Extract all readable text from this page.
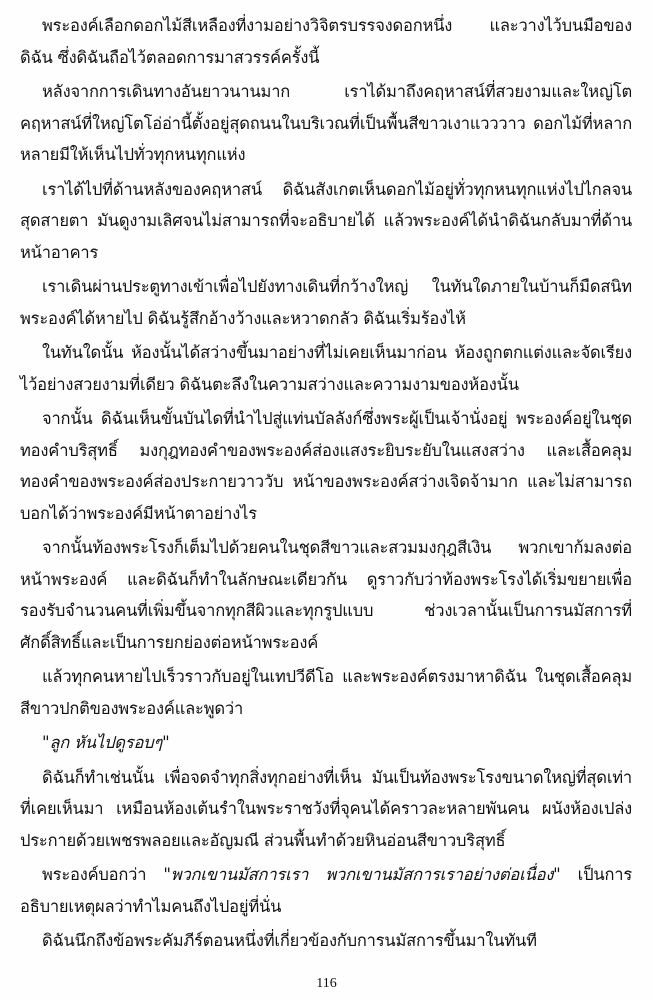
พระองค์เลือกดอกไม้สีเหลืองที่งามอย่างวิจิตรบรรจงดอกหนึ่ง และวางไว้บนมือของดิฉัน ซึ่งดิฉันถือไว้ตลอดการมาสวรรค์ครั้งนี้

หลังจากการเดินทางอันยาวนานมาก เราได้มาถึงคฤหาสน์ที่สวยงามและใหญ่โต คฤหาสน์ที่ใหญ่โตโอ่อ่านี้ตั้งอยู่สุดถนนในบริเวณที่เป็นพื้นสีขาวเงาแวววาว ดอกไม้ที่หลากหลายมีให้เห็นไปทั่วทุกหนทุกแห่ง

เราได้ไปที่ด้านหลังของคฤหาสน์ ดิฉันสังเกตเห็นดอกไม้อยู่ทั่วทุกหนทุกแห่งไปไกลจนสุดสายตา มันดูงามเลิศจนไม่สามารถที่จะอธิบายได้ แล้วพระองค์ได้นำดิฉันกลับมาที่ด้านหน้าอาคาร

เราเดินผ่านประตูทางเข้าเพื่อไปยังทางเดินที่กว้างใหญ่ ในทันใดภายในบ้านก็มืดสนิท พระองค์ได้หายไป ดิฉันรู้สึกอ้างว้างและหวาดกลัว ดิฉันเริ่มร้องไห้

ในทันใดนั้น ห้องนั้นได้สว่างขึ้นมาอย่างที่ไม่เคยเห็นมาก่อน ห้องถูกตกแต่งและจัดเรียงไว้อย่างสวยงามที่เดียว ดิฉันตะลึงในความสว่างและความงามของห้องนั้น

จากนั้น ดิฉันเห็นขั้นบันไดที่นำไปสู่แท่นบัลลังก์ซึ่งพระผู้เป็นเจ้านั่งอยู่ พระองค์อยู่ในชุดทองคำบริสุทธิ์ มงกุฎทองคำของพระองค์ส่องแสงระยิบระยับในแสงสว่าง และเสื้อคลุมทองคำของพระองค์ส่องประกายวาววับ หน้าของพระองค์สว่างเจิดจ้ามาก และไม่สามารถบอกได้ว่าพระองค์มีหน้าตาอย่างไร

จากนั้นท้องพระโรงก็เต็มไปด้วยคนในชุดสีขาวและสวมมงกุฎสีเงิน พวกเขาก้มลงต่อหน้าพระองค์ และดิฉันก็ทำในลักษณะเดียวกัน ดูราวกับว่าท้องพระโรงได้เริ่มขยายเพื่อรองรับจำนวนคนที่เพิ่มขึ้นจากทุกสีผิวและทุกรูปแบบ ช่วงเวลานั้นเป็นการนมัสการที่ศักดิ์สิทธิ์และเป็นการยกย่องต่อหน้าพระองค์

แล้วทุกคนหายไปเร็วราวกับอยู่ในเทปวีดีโอ และพระองค์ตรงมาหาดิฉัน ในชุดเสื้อคลุมสีขาวปกติของพระองค์และพูดว่า

"ลูก หันไปดูรอบๆ"

ดิฉันก็ทำเช่นนั้น เพื่อจดจำทุกสิ่งทุกอย่างที่เห็น มันเป็นท้องพระโรงขนาดใหญ่ที่สุดเท่าที่เคยเห็นมา เหมือนห้องเต้นรำในพระราชวังที่จุคนได้คราวละหลายพันคน ผนังห้องเปล่งประกายด้วยเพชรพลอยและอัญมณี ส่วนพื้นทำด้วยหินอ่อนสีขาวบริสุทธิ์

พระองค์บอกว่า "พวกเขานมัสการเรา พวกเขานมัสการเราอย่างต่อเนื่อง" เป็นการอธิบายเหตุผลว่าทำไมคนถึงไปอยู่ที่นั่น

ดิฉันนึกถึงข้อพระคัมภีร์ตอนหนึ่งที่เกี่ยวข้องกับการนมัสการขึ้นมาในทันที

116
